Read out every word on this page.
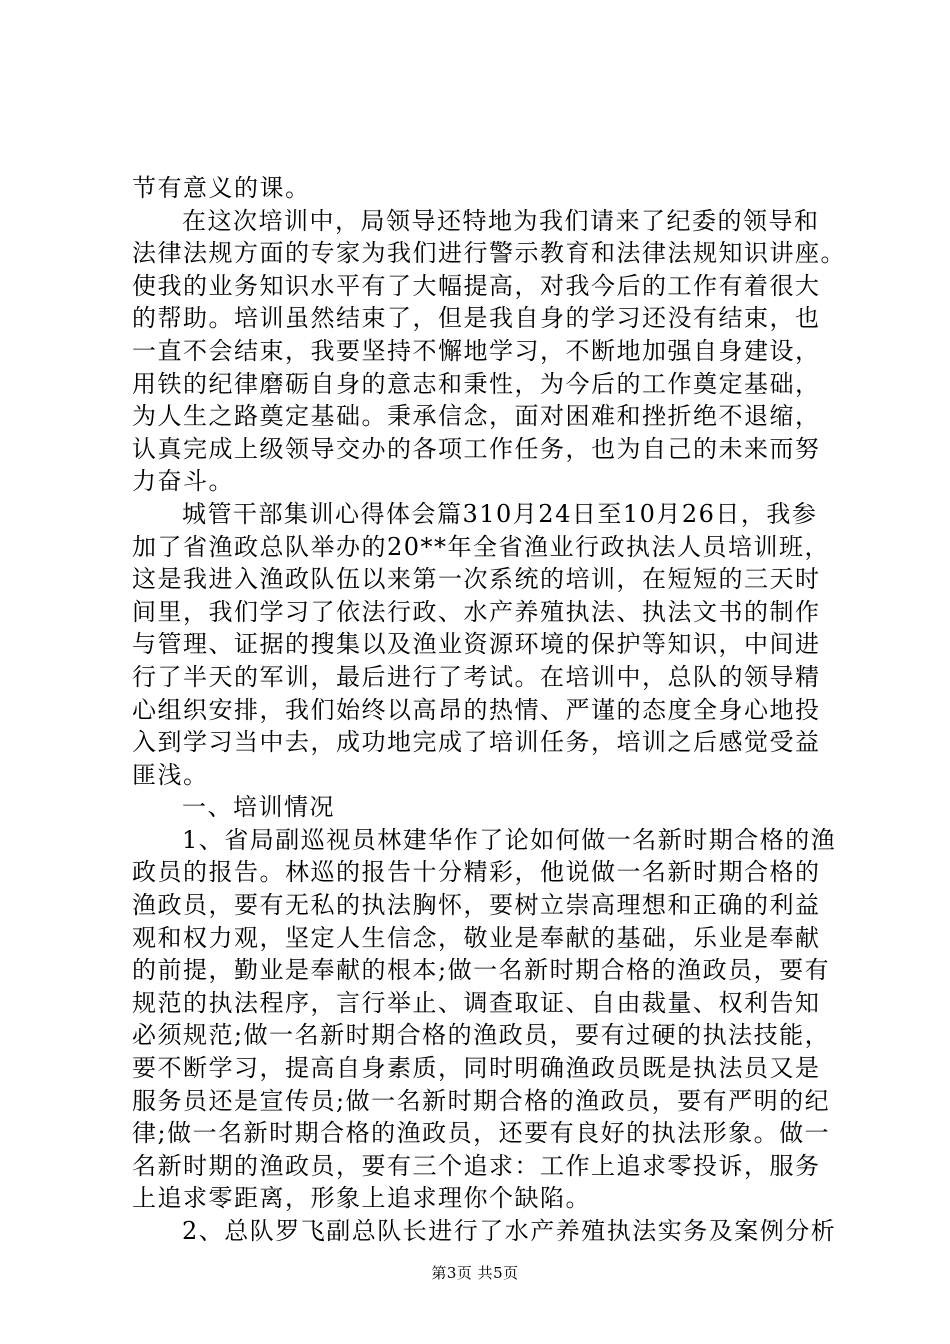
节有意义的课。
在这次培训中，局领导还特地为我们请来了纪委的领导和
法律法规方面的专家为我们进行警示教育和法律法规知识讲座。
使我的业务知识水平有了大幅提高，对我今后的工作有着很大
的帮助。培训虽然结束了，但是我自身的学习还没有结束，也
一直不会结束，我要坚持不懈地学习，不断地加强自身建设，
用铁的纪律磨砺自身的意志和秉性，为今后的工作奠定基础，
为人生之路奠定基础。秉承信念，面对困难和挫折绝不退缩，
认真完成上级领导交办的各项工作任务，也为自己的未来而努
力奋斗。
城管干部集训心得体会篇310月24日至10月26日，我参
加了省渔政总队举办的20**年全省渔业行政执法人员培训班，
这是我进入渔政队伍以来第一次系统的培训，在短短的三天时
间里，我们学习了依法行政、水产养殖执法、执法文书的制作
与管理、证据的搜集以及渔业资源环境的保护等知识，中间进
行了半天的军训，最后进行了考试。在培训中，总队的领导精
心组织安排，我们始终以高昂的热情、严谨的态度全身心地投
入到学习当中去，成功地完成了培训任务，培训之后感觉受益
匪浅。
一、培训情况
1、省局副巡视员林建华作了论如何做一名新时期合格的渔
政员的报告。林巡的报告十分精彩，他说做一名新时期合格的
渔政员，要有无私的执法胸怀，要树立崇高理想和正确的利益
观和权力观，坚定人生信念，敬业是奉献的基础，乐业是奉献
的前提，勤业是奉献的根本;做一名新时期合格的渔政员，要有
规范的执法程序，言行举止、调查取证、自由裁量、权利告知
必须规范;做一名新时期合格的渔政员，要有过硬的执法技能，
要不断学习，提高自身素质，同时明确渔政员既是执法员又是
服务员还是宣传员;做一名新时期合格的渔政员，要有严明的纪
律;做一名新时期合格的渔政员，还要有良好的执法形象。做一
名新时期的渔政员，要有三个追求：工作上追求零投诉，服务
上追求零距离，形象上追求理你个缺陷。
2、总队罗飞副总队长进行了水产养殖执法实务及案例分析
第3页 共5页
